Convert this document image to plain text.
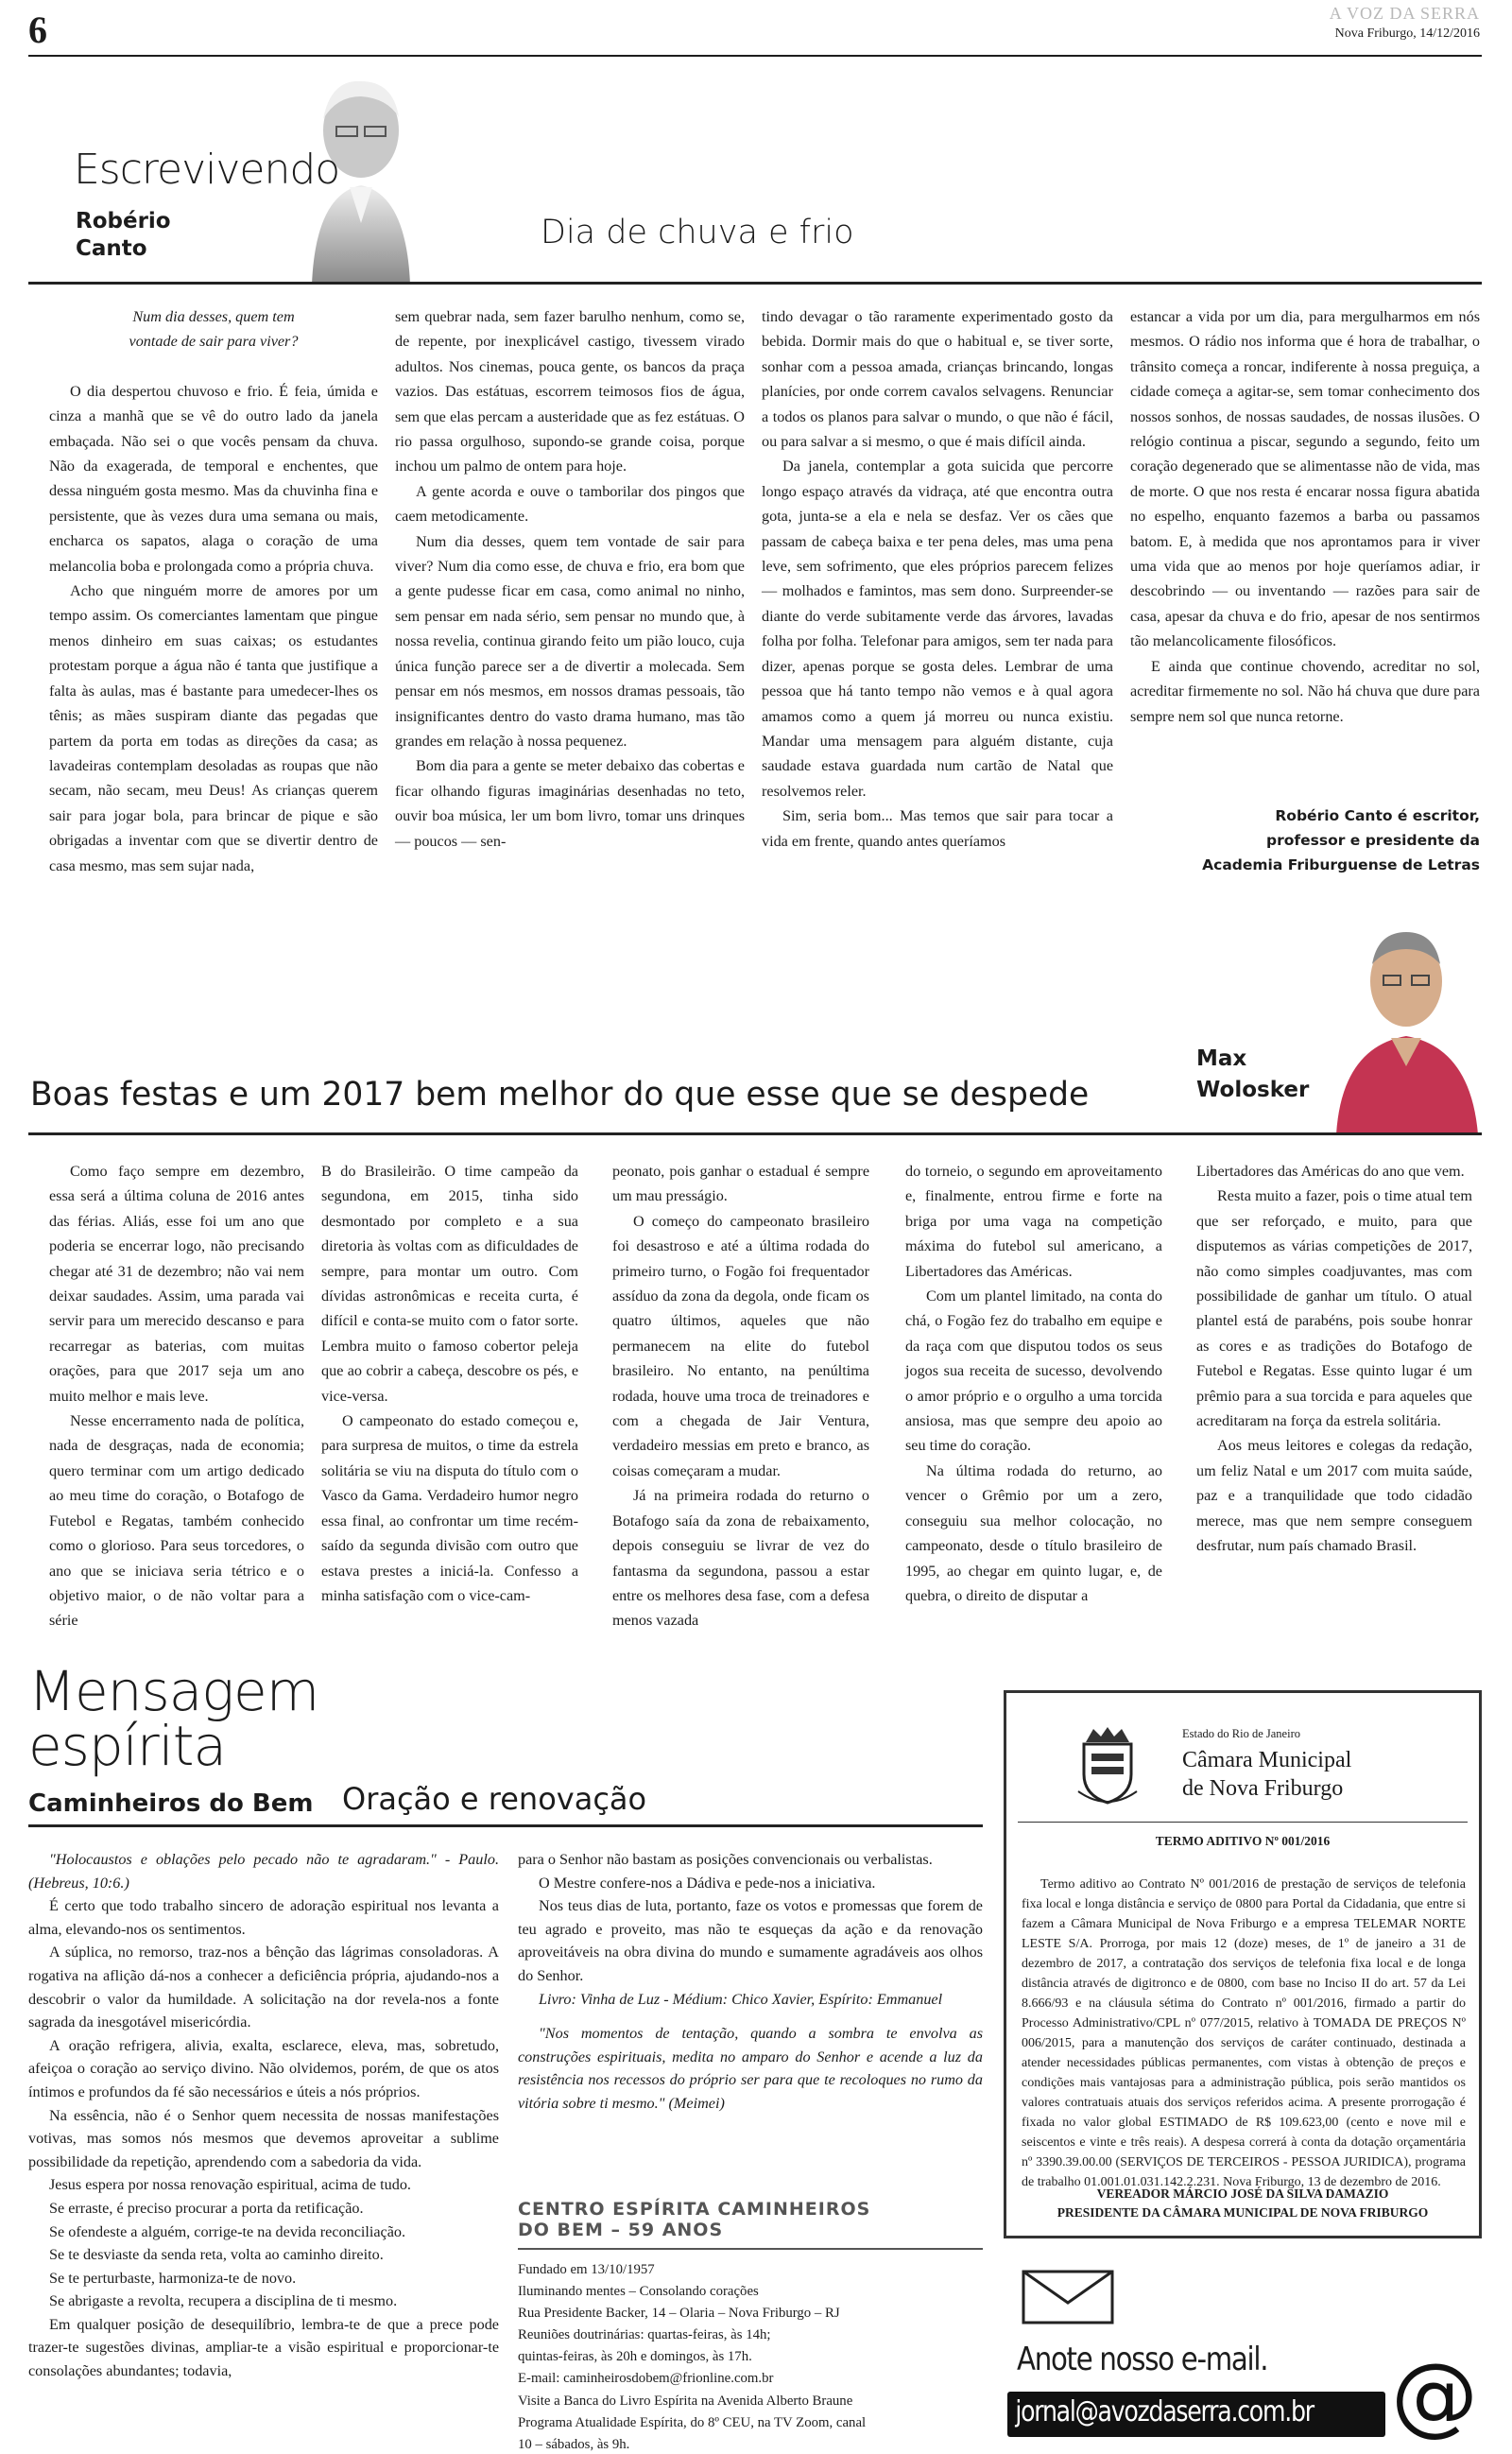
6	A VOZ DA SERRA
Nova Friburgo, 14/12/2016
Escrevivendo
Robério
Canto	Dia de chuva e frio

Num dia desses, quem tem

vontade de sair para viver?

O dia despertou chuvoso e frio. É feia, úmida e cinza a manhã que se vê do outro lado da janela embaçada. Não sei o que vocês pensam da chuva. Não da exagerada, de temporal e enchentes, que dessa ninguém gosta mesmo. Mas da chuvinha fina e persistente, que às vezes dura uma semana ou mais, encharca os sapatos, alaga o coração de uma melancolia boba e prolongada como a própria chuva.

Acho que ninguém morre de amores por um tempo assim. Os comerciantes lamentam que pingue menos dinheiro em suas caixas; os estudantes protestam porque a água não é tanta que justifique a falta às aulas, mas é bastante para umedecer-lhes os tênis; as mães suspiram diante das pegadas que partem da porta em todas as direções da casa; as lavadeiras contemplam desoladas as roupas que não secam, não secam, meu Deus! As crianças querem sair para jogar bola, para brincar de pique e são obrigadas a inventar com que se divertir dentro de casa mesmo, mas sem sujar nada,

sem quebrar nada, sem fazer barulho nenhum, como se, de repente, por inexplicável castigo, tivessem virado adultos. Nos cinemas, pouca gente, os bancos da praça vazios. Das estátuas, escorrem teimosos fios de água, sem que elas percam a austeridade que as fez estátuas. O rio passa orgulhoso, supondo-se grande coisa, porque inchou um palmo de ontem para hoje.

A gente acorda e ouve o tamborilar dos pingos que caem metodicamente.

Num dia desses, quem tem vontade de sair para viver? Num dia como esse, de chuva e frio, era bom que a gente pudesse ficar em casa, como animal no ninho, sem pensar em nada sério, sem pensar no mundo que, à nossa revelia, continua girando feito um pião louco, cuja única função parece ser a de divertir a molecada. Sem pensar em nós mesmos, em nossos dramas pessoais, tão insignificantes dentro do vasto drama humano, mas tão grandes em relação à nossa pequenez.

Bom dia para a gente se meter debaixo das cobertas e ficar olhando figuras imaginárias desenhadas no teto, ouvir boa música, ler um bom livro, tomar uns drinques — poucos — sen-

tindo devagar o tão raramente experimentado gosto da bebida. Dormir mais do que o habitual e, se tiver sorte, sonhar com a pessoa amada, crianças brincando, longas planícies, por onde correm cavalos selvagens. Renunciar a todos os planos para salvar o mundo, o que não é fácil, ou para salvar a si mesmo, o que é mais difícil ainda.

Da janela, contemplar a gota suicida que percorre longo espaço através da vidraça, até que encontra outra gota, junta-se a ela e nela se desfaz. Ver os cães que passam de cabeça baixa e ter pena deles, mas uma pena leve, sem sofrimento, que eles próprios parecem felizes — molhados e famintos, mas sem dono. Surpreender-se diante do verde subitamente verde das árvores, lavadas folha por folha. Telefonar para amigos, sem ter nada para dizer, apenas porque se gosta deles. Lembrar de uma pessoa que há tanto tempo não vemos e à qual agora amamos como a quem já morreu ou nunca existiu. Mandar uma mensagem para alguém distante, cuja saudade estava guardada num cartão de Natal que resolvemos reler.

Sim, seria bom... Mas temos que sair para tocar a vida em frente, quando antes queríamos

estancar a vida por um dia, para mergulharmos em nós mesmos. O rádio nos informa que é hora de trabalhar, o trânsito começa a roncar, indiferente à nossa preguiça, a cidade começa a agitar-se, sem tomar conhecimento dos nossos sonhos, de nossas saudades, de nossas ilusões. O relógio continua a piscar, segundo a segundo, feito um coração degenerado que se alimentasse não de vida, mas de morte. O que nos resta é encarar nossa figura abatida no espelho, enquanto fazemos a barba ou passamos batom. E, à medida que nos aprontamos para ir viver uma vida que ao menos por hoje queríamos adiar, ir descobrindo — ou inventando — razões para sair de casa, apesar da chuva e do frio, apesar de nos sentirmos tão melancolicamente filosóficos.

E ainda que continue chovendo, acreditar no sol, acreditar firmemente no sol. Não há chuva que dure para sempre nem sol que nunca retorne.

Robério Canto é escritor,
professor e presidente da
Academia Friburguense de Letras
Max
Wolosker
Boas festas e um 2017 bem melhor do que esse que se despede

Como faço sempre em dezembro, essa será a última coluna de 2016 antes das férias. Aliás, esse foi um ano que poderia se encerrar logo, não precisando chegar até 31 de dezembro; não vai nem deixar saudades. Assim, uma parada vai servir para um merecido descanso e para recarregar as baterias, com muitas orações, para que 2017 seja um ano muito melhor e mais leve.

Nesse encerramento nada de política, nada de desgraças, nada de economia; quero terminar com um artigo dedicado ao meu time do coração, o Botafogo de Futebol e Regatas, também conhecido como o glorioso. Para seus torcedores, o ano que se iniciava seria tétrico e o objetivo maior, o de não voltar para a série

B do Brasileirão. O time campeão da segundona, em 2015, tinha sido desmontado por completo e a sua diretoria às voltas com as dificuldades de sempre, para montar um outro. Com dívidas astronômicas e receita curta, é difícil e conta-se muito com o fator sorte. Lembra muito o famoso cobertor peleja que ao cobrir a cabeça, descobre os pés, e vice-versa.

O campeonato do estado começou e, para surpresa de muitos, o time da estrela solitária se viu na disputa do título com o Vasco da Gama. Verdadeiro humor negro essa final, ao confrontar um time recém-saído da segunda divisão com outro que estava prestes a iniciá-la. Confesso a minha satisfação com o vice-cam-

peonato, pois ganhar o estadual é sempre um mau presságio.

O começo do campeonato brasileiro foi desastroso e até a última rodada do primeiro turno, o Fogão foi frequentador assíduo da zona da degola, onde ficam os quatro últimos, aqueles que não permanecem na elite do futebol brasileiro. No entanto, na penúltima rodada, houve uma troca de treinadores e com a chegada de Jair Ventura, verdadeiro messias em preto e branco, as coisas começaram a mudar.

Já na primeira rodada do returno o Botafogo saía da zona de rebaixamento, depois conseguiu se livrar de vez do fantasma da segundona, passou a estar entre os melhores desa fase, com a defesa menos vazada

do torneio, o segundo em aproveitamento e, finalmente, entrou firme e forte na briga por uma vaga na competição máxima do futebol sul americano, a Libertadores das Américas.

Com um plantel limitado, na conta do chá, o Fogão fez do trabalho em equipe e da raça com que disputou todos os seus jogos sua receita de sucesso, devolvendo o amor próprio e o orgulho a uma torcida ansiosa, mas que sempre deu apoio ao seu time do coração.

Na última rodada do returno, ao vencer o Grêmio por um a zero, conseguiu sua melhor colocação, no campeonato, desde o título brasileiro de 1995, ao chegar em quinto lugar, e, de quebra, o direito de disputar a

Libertadores das Américas do ano que vem.

Resta muito a fazer, pois o time atual tem que ser reforçado, e muito, para que disputemos as várias competições de 2017, não como simples coadjuvantes, mas com possibilidade de ganhar um título. O atual plantel está de parabéns, pois soube honrar as cores e as tradições do Botafogo de Futebol e Regatas. Esse quinto lugar é um prêmio para a sua torcida e para aqueles que acreditaram na força da estrela solitária.

Aos meus leitores e colegas da redação, um feliz Natal e um 2017 com muita saúde, paz e a tranquilidade que todo cidadão merece, mas que nem sempre conseguem desfrutar, num país chamado Brasil.

Mensagem
espírita
Caminheiros do Bem Oração e renovação

"Holocaustos e oblações pelo pecado não te agradaram." - Paulo. (Hebreus, 10:6.)

É certo que todo trabalho sincero de adoração espiritual nos levanta a alma, elevando-nos os sentimentos.

A súplica, no remorso, traz-nos a bênção das lágrimas consoladoras. A rogativa na aflição dá-nos a conhecer a deficiência própria, ajudando-nos a descobrir o valor da humildade. A solicitação na dor revela-nos a fonte sagrada da inesgotável misericórdia.

A oração refrigera, alivia, exalta, esclarece, eleva, mas, sobretudo, afeiçoa o coração ao serviço divino. Não olvidemos, porém, de que os atos íntimos e profundos da fé são necessários e úteis a nós próprios.

Na essência, não é o Senhor quem necessita de nossas manifestações votivas, mas somos nós mesmos que devemos aproveitar a sublime possibilidade da repetição, aprendendo com a sabedoria da vida.

Jesus espera por nossa renovação espiritual, acima de tudo.

Se erraste, é preciso procurar a porta da retificação.

Se ofendeste a alguém, corrige-te na devida reconciliação.

Se te desviaste da senda reta, volta ao caminho direito.

Se te perturbaste, harmoniza-te de novo.

Se abrigaste a revolta, recupera a disciplina de ti mesmo.

Em qualquer posição de desequilíbrio, lembra-te de que a prece pode trazer-te sugestões divinas, ampliar-te a visão espiritual e proporcionar-te consolações abundantes; todavia,

para o Senhor não bastam as posições convencionais ou verbalistas.

O Mestre confere-nos a Dádiva e pede-nos a iniciativa.

Nos teus dias de luta, portanto, faze os votos e promessas que forem de teu agrado e proveito, mas não te esqueças da ação e da renovação aproveitáveis na obra divina do mundo e sumamente agradáveis aos olhos do Senhor.

Livro: Vinha de Luz - Médium: Chico Xavier, Espírito: Emmanuel

"Nos momentos de tentação, quando a sombra te envolva as construções espirituais, medita no amparo do Senhor e acende a luz da resistência nos recessos do próprio ser para que te recoloques no rumo da vitória sobre ti mesmo." (Meimei)

CENTRO ESPÍRITA CAMINHEIROS
DO BEM – 59 ANOS

Fundado em 13/10/1957

Iluminando mentes – Consolando corações

Rua Presidente Backer, 14 – Olaria – Nova Friburgo – RJ

Reuniões doutrinárias: quartas-feiras, às 14h;

quintas-feiras, às 20h e domingos, às 17h.

E-mail: caminheirosdobem@frionline.com.br

Visite a Banca do Livro Espírita na Avenida Alberto Braune

Programa Atualidade Espírita, do 8º CEU, na TV Zoom, canal

10 – sábados, às 9h.

Estado do Rio de Janeiro
Câmara Municipal
de Nova Friburgo
TERMO ADITIVO Nº 001/2016
Termo aditivo ao Contrato Nº 001/2016 de prestação de serviços de telefonia fixa local e longa distância e serviço de 0800 para Portal da Cidadania, que entre si fazem a Câmara Municipal de Nova Friburgo e a empresa TELEMAR NORTE LESTE S/A. Prorroga, por mais 12 (doze) meses, de 1º de janeiro a 31 de dezembro de 2017, a contratação dos serviços de telefonia fixa local e de longa distância através de digitronco e de 0800, com base no Inciso II do art. 57 da Lei 8.666/93 e na cláusula sétima do Contrato nº 001/2016, firmado a partir do Processo Administrativo/CPL nº 077/2015, relativo à TOMADA DE PREÇOS Nº 006/2015, para a manutenção dos serviços de caráter continuado, destinada a atender necessidades públicas permanentes, com vistas à obtenção de preços e condições mais vantajosas para a administração pública, pois serão mantidos os valores contratuais atuais dos serviços referidos acima. A presente prorrogação é fixada no valor global ESTIMADO de R$ 109.623,00 (cento e nove mil e seiscentos e vinte e três reais). A despesa correrá à conta da dotação orçamentária nº 3390.39.00.00 (SERVIÇOS DE TERCEIROS - PESSOA JURIDICA), programa de trabalho 01.001.01.031.142.2.231. Nova Friburgo, 13 de dezembro de 2016.
VEREADOR MÁRCIO JOSÉ DA SILVA DAMAZIO
PRESIDENTE DA CÂMARA MUNICIPAL DE NOVA FRIBURGO
Anote nosso e-mail.
jornal@avozdaserra.com.br @
